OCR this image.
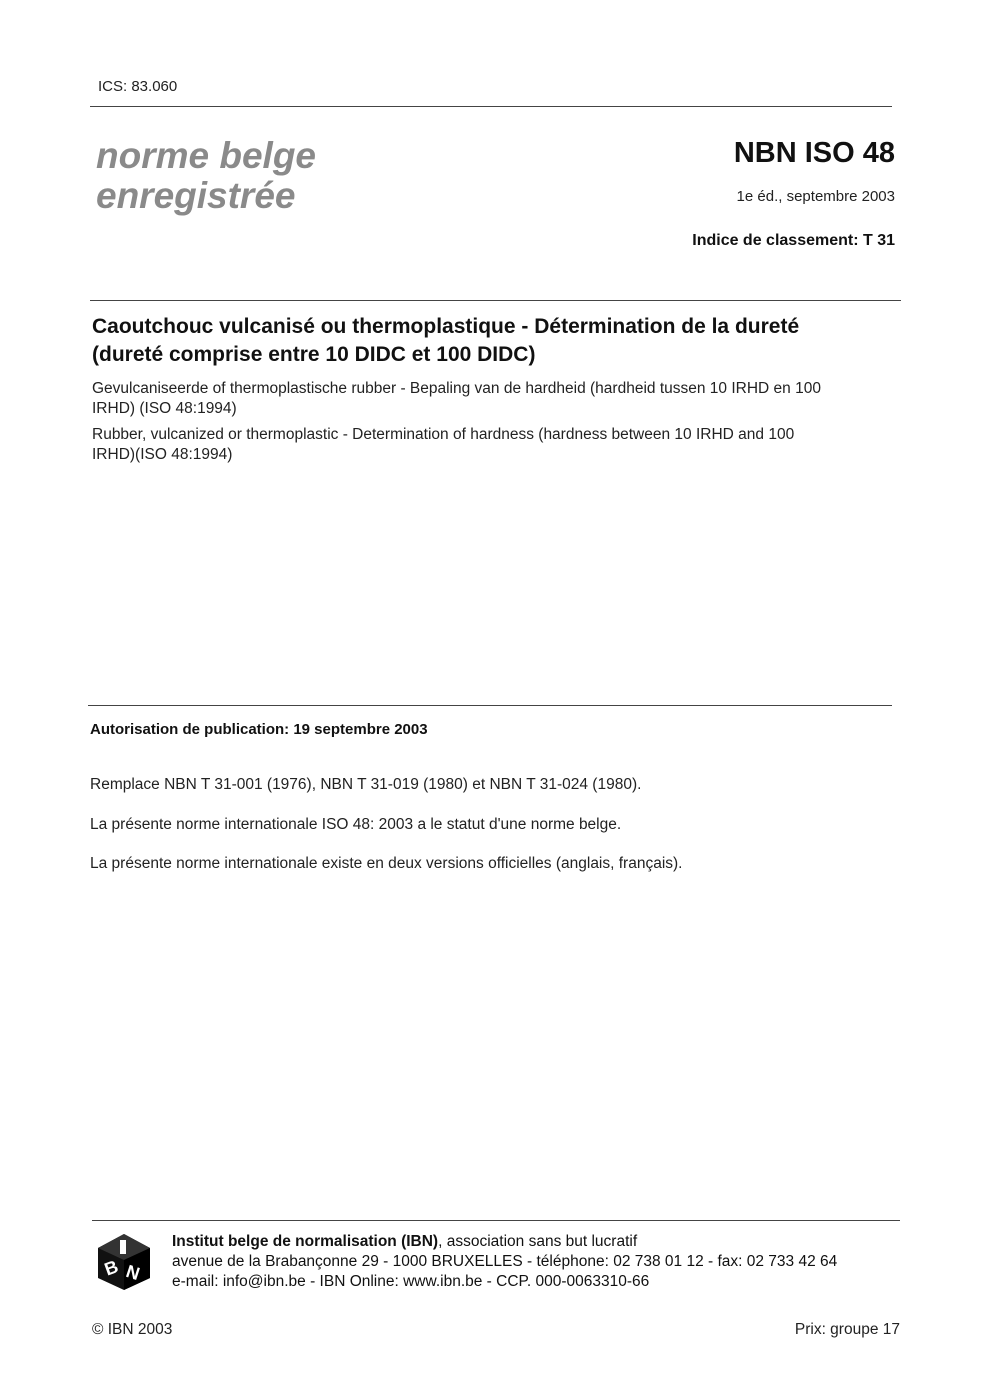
ICS: 83.060
norme belge
enregistrée
NBN ISO 48
1e éd., septembre 2003
Indice de classement: T 31
Caoutchouc vulcanisé ou thermoplastique - Détermination de la dureté
(dureté comprise entre 10 DIDC et 100 DIDC)
Gevulcaniseerde of thermoplastische rubber - Bepaling van de hardheid (hardheid tussen 10 IRHD en 100
IRHD) (ISO 48:1994)
Rubber, vulcanized or thermoplastic - Determination of hardness (hardness between 10 IRHD and 100
IRHD)(ISO 48:1994)
Autorisation de publication: 19 septembre 2003
Remplace NBN T 31-001 (1976), NBN T 31-019 (1980) et NBN T 31-024 (1980).
La présente norme internationale ISO 48: 2003 a le statut d'une norme belge.
La présente norme internationale existe en deux versions officielles (anglais, français).
B N
Institut belge de normalisation (IBN), association sans but lucratif
avenue de la Brabançonne 29 - 1000 BRUXELLES - téléphone: 02 738 01 12 - fax: 02 733 42 64
e-mail: info@ibn.be - IBN Online: www.ibn.be - CCP. 000-0063310-66
© IBN 2003	Prix: groupe 17
